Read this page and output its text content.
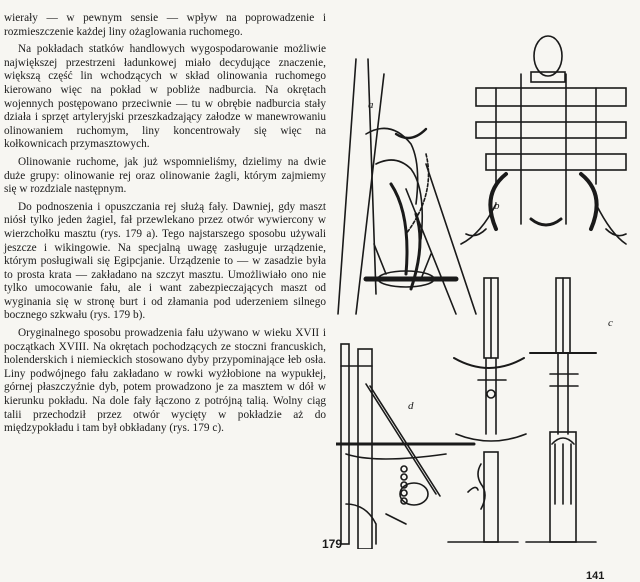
wierały — w pewnym sensie — wpływ na poprowadzenie i rozmieszczenie każdej liny ożaglowania ruchomego.

Na pokładach statków handlowych wygospodarowanie możliwie największej przestrzeni ładunkowej miało decydujące znaczenie, większą część lin wchodzących w skład olinowania ruchomego kierowano więc na pokład w pobliże nadburcia. Na okrętach wojennych postępowano przeciwnie — tu w obrębie nadburcia stały działa i sprzęt artyleryjski przeszkadzający załodze w manewrowaniu olinowaniem ruchomym, liny koncentrowały się więc na kołkownicach przymasztowych.

Olinowanie ruchome, jak już wspomnieliśmy, dzielimy na dwie duże grupy: olinowanie rej oraz olinowanie żagli, którym zajmiemy się w rozdziale następnym.

Do podnoszenia i opuszczania rej służą fały. Dawniej, gdy maszt niósł tylko jeden żagiel, fał przewlekano przez otwór wywiercony w wierzchołku masztu (rys. 179 a). Tego najstarszego sposobu używali jeszcze i wikingowie. Na specjalną uwagę zasługuje urządzenie, którym posługiwali się Egipcjanie. Urządzenie to — w zasadzie była to prosta krata — zakładano na szczyt masztu. Umożliwiało ono nie tylko umocowanie fału, ale i want zabezpieczających maszt od wyginania się w stronę burt i od złamania pod uderzeniem silnego bocznego szkwału (rys. 179 b).

Oryginalnego sposobu prowadzenia fału używano w wieku XVII i początkach XVIII. Na okrętach pochodzących ze stoczni francuskich, holenderskich i niemieckich stosowano dyby przypominające łeb osła. Liny podwójnego fału zakładano w rowki wyżłobione na wypukłej, górnej płaszczyźnie dyb, potem prowadzono je za masztem w dół w kierunku pokładu. Na dole fały łączono z potrójną talią. Wolny ciąg talii przechodził przez otwór wycięty w pokładzie aż do międzypokładu i tam był obkładany (rys. 179 c).

a
b
d
c
179
141
